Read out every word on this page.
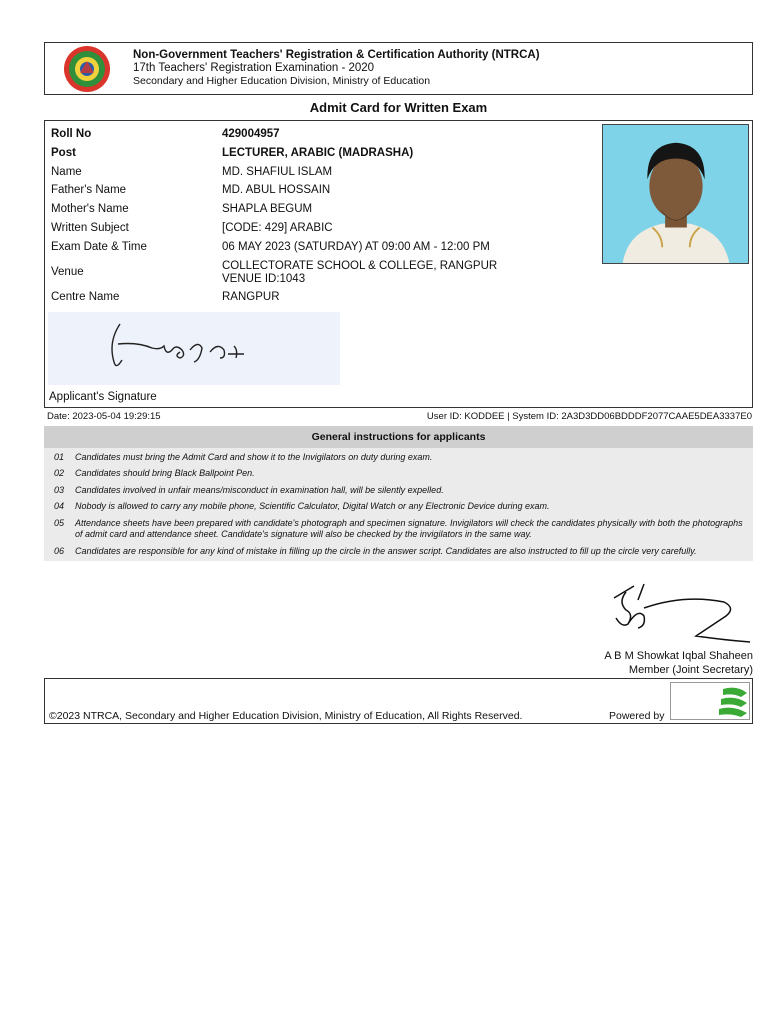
Non-Government Teachers' Registration & Certification Authority (NTRCA)
17th Teachers' Registration Examination - 2020
Secondary and Higher Education Division, Ministry of Education
Admit Card for Written Exam
Roll No	429004957
Post	LECTURER, ARABIC (MADRASHA)
Name	MD. SHAFIUL ISLAM
Father's Name	MD. ABUL HOSSAIN
Mother's Name	SHAPLA BEGUM
Written Subject	[CODE: 429] ARABIC
Exam Date & Time	06 MAY 2023 (SATURDAY) AT 09:00 AM - 12:00 PM
Venue	COLLECTORATE SCHOOL & COLLEGE, RANGPUR
VENUE ID:1043
Centre Name	RANGPUR
Applicant's Signature
Date: 2023-05-04 19:29:15	User ID: KODDEE | System ID: 2A3D3DD06BDDDF2077CAAE5DEA3337E0
General instructions for applicants
01 Candidates must bring the Admit Card and show it to the Invigilators on duty during exam.
02 Candidates should bring Black Ballpoint Pen.
03 Candidates involved in unfair means/misconduct in examination hall, will be silently expelled.
04 Nobody is allowed to carry any mobile phone, Scientific Calculator, Digital Watch or any Electronic Device during exam.
05 Attendance sheets have been prepared with candidate's photograph and specimen signature. Invigilators will check the candidates physically with both the photographs of admit card and attendance sheet. Candidate's signature will also be checked by the invigilators in the same way.
06 Candidates are responsible for any kind of mistake in filling up the circle in the answer script. Candidates are also instructed to fill up the circle very carefully.
A B M Showkat Iqbal Shaheen
Member (Joint Secretary)
©2023 NTRCA, Secondary and Higher Education Division, Ministry of Education, All Rights Reserved.	Powered by
